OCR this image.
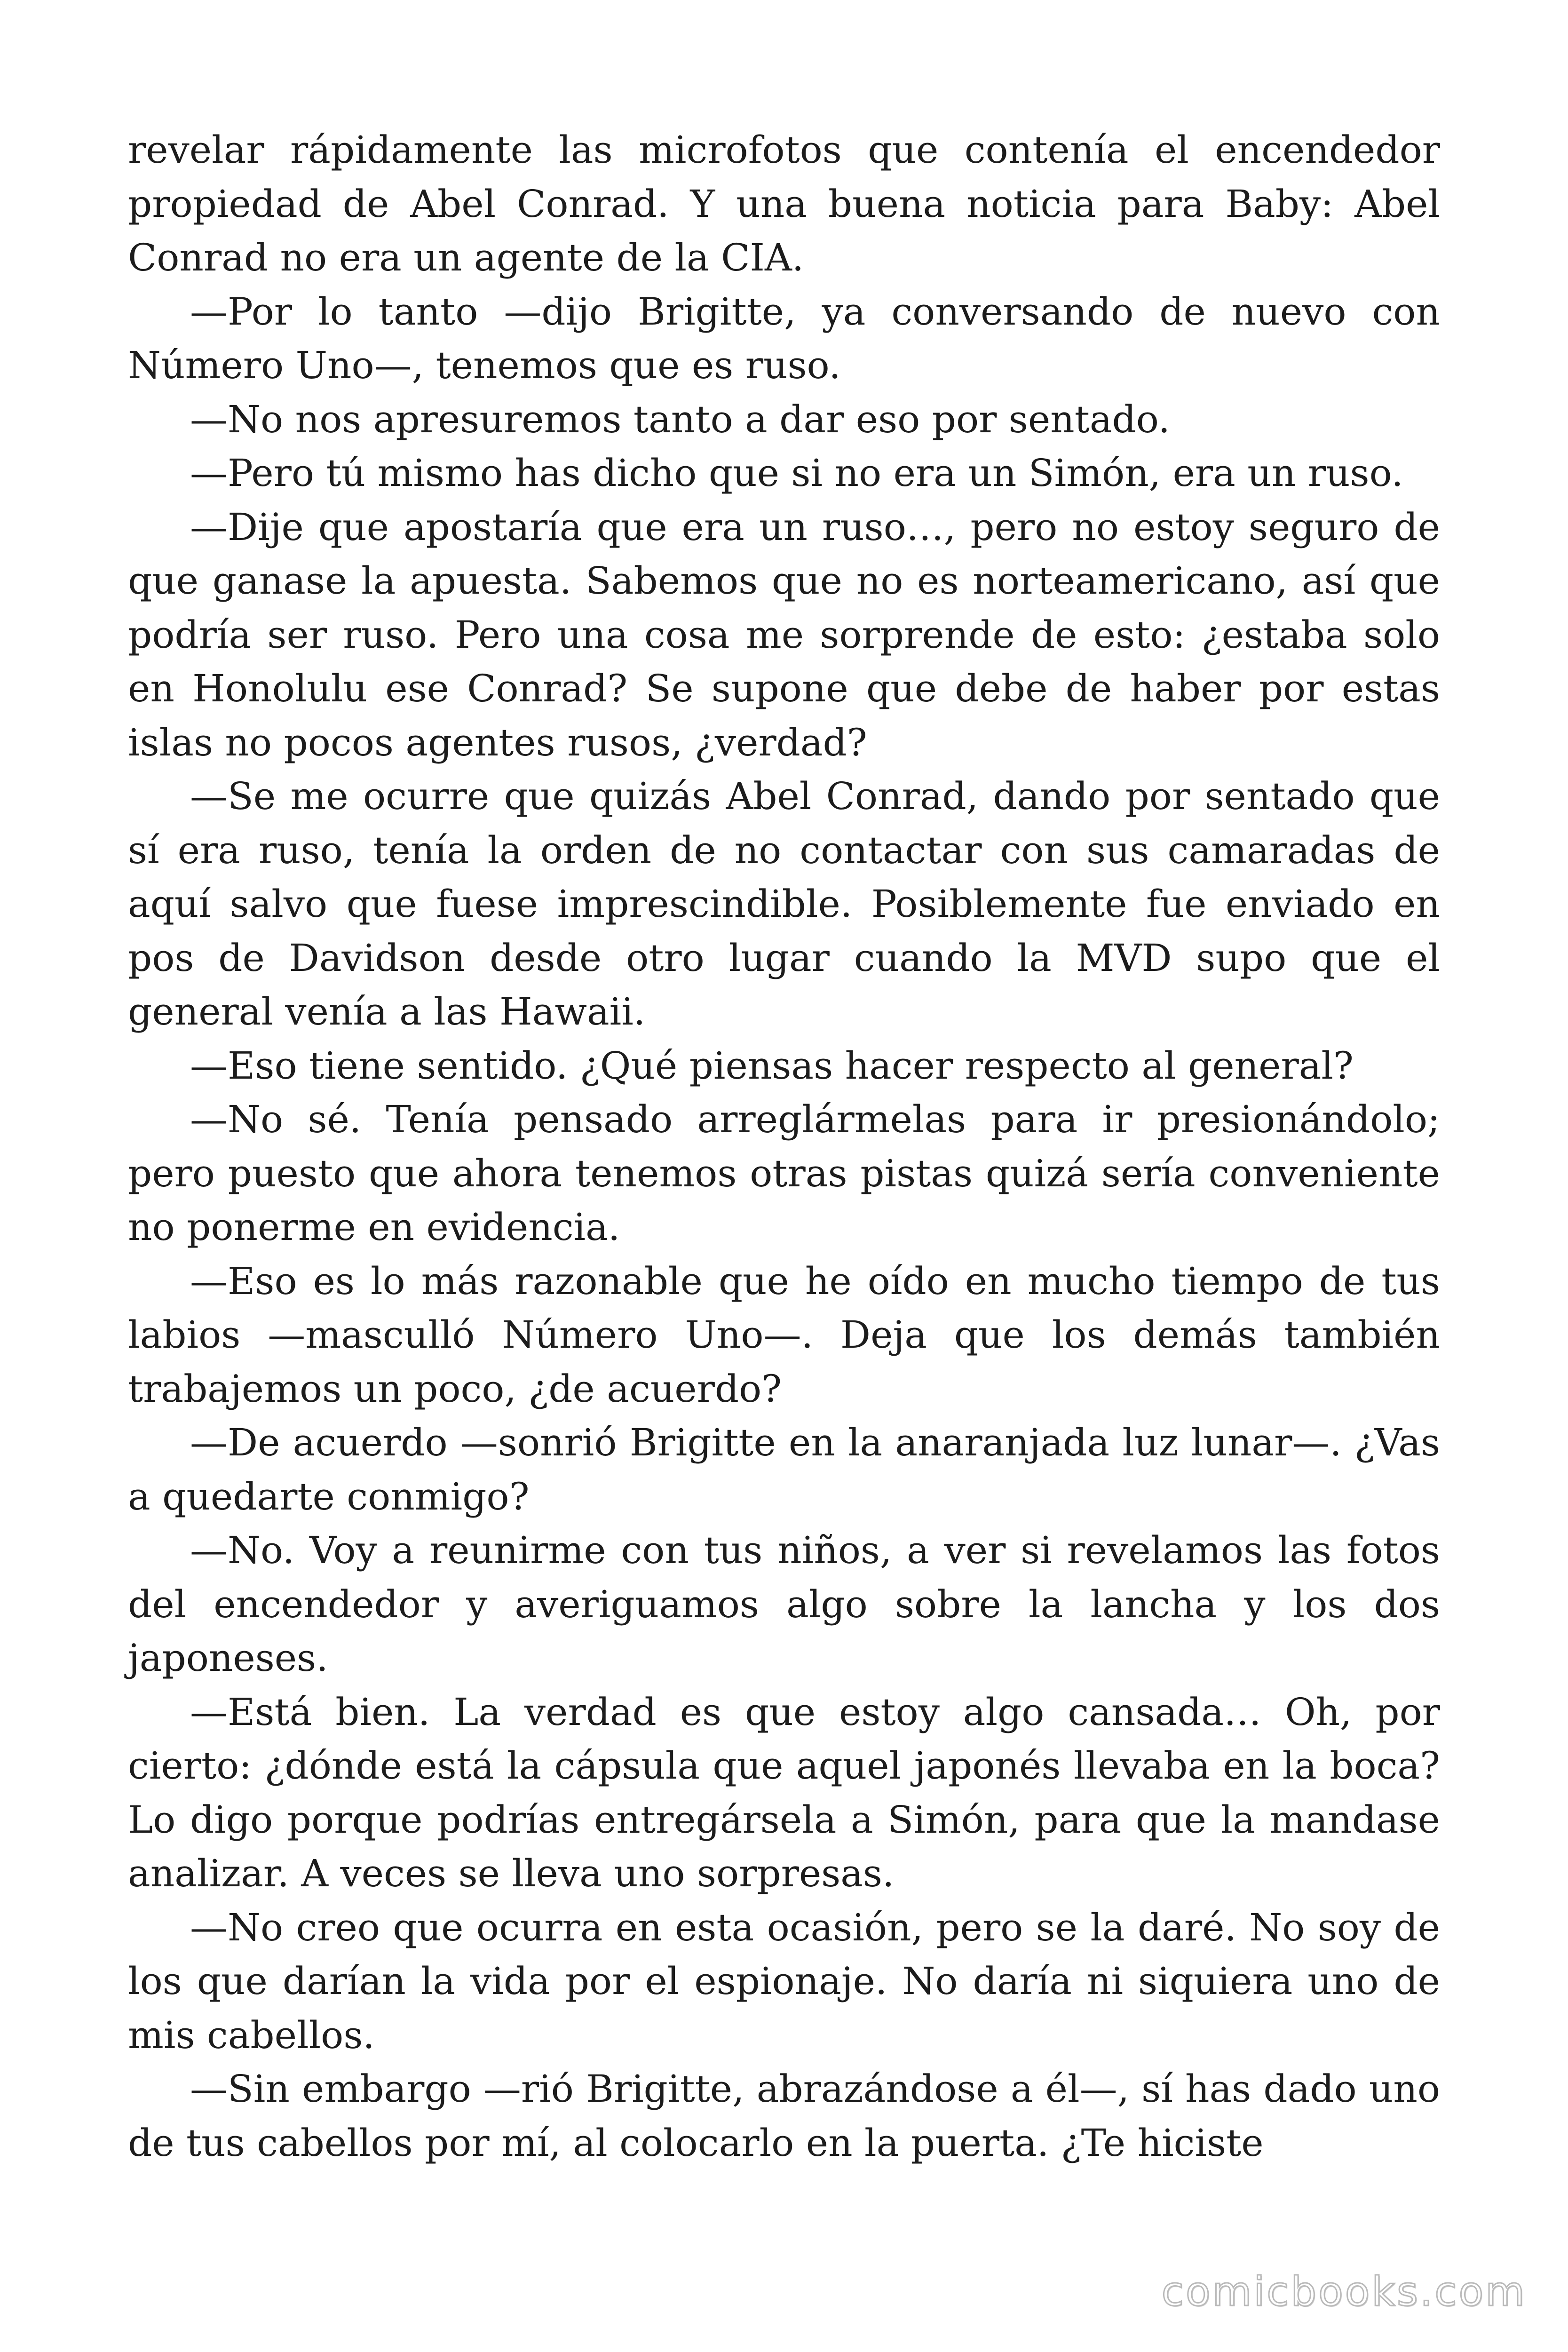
revelar rápidamente las microfotos que contenía el encendedor propiedad de Abel Conrad. Y una buena noticia para Baby: Abel Conrad no era un agente de la CIA.

—Por lo tanto —dijo Brigitte, ya conversando de nuevo con Número Uno—, tenemos que es ruso.

—No nos apresuremos tanto a dar eso por sentado.

—Pero tú mismo has dicho que si no era un Simón, era un ruso.

—Dije que apostaría que era un ruso…, pero no estoy seguro de que ganase la apuesta. Sabemos que no es norteamericano, así que podría ser ruso. Pero una cosa me sorprende de esto: ¿estaba solo en Honolulu ese Conrad? Se supone que debe de haber por estas islas no pocos agentes rusos, ¿verdad?

—Se me ocurre que quizás Abel Conrad, dando por sentado que sí era ruso, tenía la orden de no contactar con sus camaradas de aquí salvo que fuese imprescindible. Posiblemente fue enviado en pos de Davidson desde otro lugar cuando la MVD supo que el general venía a las Hawaii.

—Eso tiene sentido. ¿Qué piensas hacer respecto al general?

—No sé. Tenía pensado arreglármelas para ir presionándolo; pero puesto que ahora tenemos otras pistas quizá sería conveniente no ponerme en evidencia.

—Eso es lo más razonable que he oído en mucho tiempo de tus labios —masculló Número Uno—. Deja que los demás también trabajemos un poco, ¿de acuerdo?

—De acuerdo —sonrió Brigitte en la anaranjada luz lunar—. ¿Vas a quedarte conmigo?

—No. Voy a reunirme con tus niños, a ver si revelamos las fotos del encendedor y averiguamos algo sobre la lancha y los dos japoneses.

—Está bien. La verdad es que estoy algo cansada… Oh, por cierto: ¿dónde está la cápsula que aquel japonés llevaba en la boca? Lo digo porque podrías entregársela a Simón, para que la mandase analizar. A veces se lleva uno sorpresas.

—No creo que ocurra en esta ocasión, pero se la daré. No soy de los que darían la vida por el espionaje. No daría ni siquiera uno de mis cabellos.

—Sin embargo —rió Brigitte, abrazándose a él—, sí has dado uno de tus cabellos por mí, al colocarlo en la puerta. ¿Te hiciste

comicbooks.com
